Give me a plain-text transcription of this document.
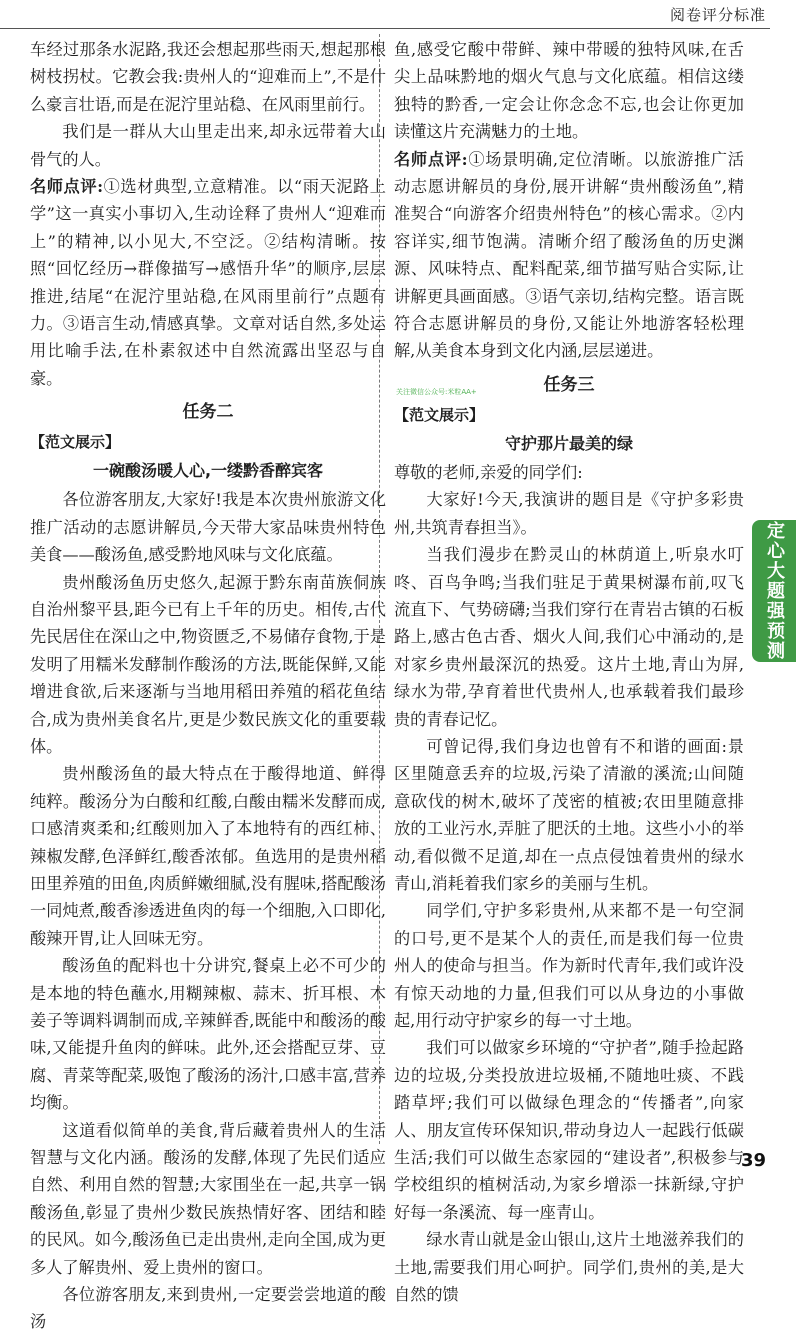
阅卷评分标准

车经过那条水泥路,我还会想起那些雨天,想起那根树枝拐杖。它教会我:贵州人的“迎难而上”,不是什么豪言壮语,而是在泥泞里站稳、在风雨里前行。

我们是一群从大山里走出来,却永远带着大山骨气的人。

名师点评:①选材典型,立意精准。以“雨天泥路上学”这一真实小事切入,生动诠释了贵州人“迎难而上”的精神,以小见大,不空泛。②结构清晰。按照“回忆经历→群像描写→感悟升华”的顺序,层层推进,结尾“在泥泞里站稳,在风雨里前行”点题有力。③语言生动,情感真挚。文章对话自然,多处运用比喻手法,在朴素叙述中自然流露出坚忍与自豪。

任务二
【范文展示】
一碗酸汤暖人心,一缕黔香醉宾客

各位游客朋友,大家好!我是本次贵州旅游文化推广活动的志愿讲解员,今天带大家品味贵州特色美食——酸汤鱼,感受黔地风味与文化底蕴。

贵州酸汤鱼历史悠久,起源于黔东南苗族侗族自治州黎平县,距今已有上千年的历史。相传,古代先民居住在深山之中,物资匮乏,不易储存食物,于是发明了用糯米发酵制作酸汤的方法,既能保鲜,又能增进食欲,后来逐渐与当地用稻田养殖的稻花鱼结合,成为贵州美食名片,更是少数民族文化的重要载体。

贵州酸汤鱼的最大特点在于酸得地道、鲜得纯粹。酸汤分为白酸和红酸,白酸由糯米发酵而成,口感清爽柔和;红酸则加入了本地特有的西红柿、辣椒发酵,色泽鲜红,酸香浓郁。鱼选用的是贵州稻田里养殖的田鱼,肉质鲜嫩细腻,没有腥味,搭配酸汤一同炖煮,酸香渗透进鱼肉的每一个细胞,入口即化,酸辣开胃,让人回味无穷。

酸汤鱼的配料也十分讲究,餐桌上必不可少的是本地的特色蘸水,用糊辣椒、蒜末、折耳根、木姜子等调料调制而成,辛辣鲜香,既能中和酸汤的酸味,又能提升鱼肉的鲜味。此外,还会搭配豆芽、豆腐、青菜等配菜,吸饱了酸汤的汤汁,口感丰富,营养均衡。

这道看似简单的美食,背后藏着贵州人的生活智慧与文化内涵。酸汤的发酵,体现了先民们适应自然、利用自然的智慧;大家围坐在一起,共享一锅酸汤鱼,彰显了贵州少数民族热情好客、团结和睦的民风。如今,酸汤鱼已走出贵州,走向全国,成为更多人了解贵州、爱上贵州的窗口。

各位游客朋友,来到贵州,一定要尝尝地道的酸汤

鱼,感受它酸中带鲜、辣中带暖的独特风味,在舌尖上品味黔地的烟火气息与文化底蕴。相信这缕独特的黔香,一定会让你念念不忘,也会让你更加读懂这片充满魅力的土地。

名师点评:①场景明确,定位清晰。以旅游推广活动志愿讲解员的身份,展开讲解“贵州酸汤鱼”,精准契合“向游客介绍贵州特色”的核心需求。②内容详实,细节饱满。清晰介绍了酸汤鱼的历史渊源、风味特点、配料配菜,细节描写贴合实际,让讲解更具画面感。③语气亲切,结构完整。语言既符合志愿讲解员的身份,又能让外地游客轻松理解,从美食本身到文化内涵,层层递进。

任务三
【范文展示】
守护那片最美的绿

尊敬的老师,亲爱的同学们:

大家好!今天,我演讲的题目是《守护多彩贵州,共筑青春担当》。

当我们漫步在黔灵山的林荫道上,听泉水叮咚、百鸟争鸣;当我们驻足于黄果树瀑布前,叹飞流直下、气势磅礴;当我们穿行在青岩古镇的石板路上,感古色古香、烟火人间,我们心中涌动的,是对家乡贵州最深沉的热爱。这片土地,青山为屏,绿水为带,孕育着世代贵州人,也承载着我们最珍贵的青春记忆。

可曾记得,我们身边也曾有不和谐的画面:景区里随意丢弃的垃圾,污染了清澈的溪流;山间随意砍伐的树木,破坏了茂密的植被;农田里随意排放的工业污水,弄脏了肥沃的土地。这些小小的举动,看似微不足道,却在一点点侵蚀着贵州的绿水青山,消耗着我们家乡的美丽与生机。

同学们,守护多彩贵州,从来都不是一句空洞的口号,更不是某个人的责任,而是我们每一位贵州人的使命与担当。作为新时代青年,我们或许没有惊天动地的力量,但我们可以从身边的小事做起,用行动守护家乡的每一寸土地。

我们可以做家乡环境的“守护者”,随手捡起路边的垃圾,分类投放进垃圾桶,不随地吐痰、不践踏草坪;我们可以做绿色理念的“传播者”,向家人、朋友宣传环保知识,带动身边人一起践行低碳生活;我们可以做生态家园的“建设者”,积极参与学校组织的植树活动,为家乡增添一抹新绿,守护好每一条溪流、每一座青山。

绿水青山就是金山银山,这片土地滋养我们的土地,需要我们用心呵护。同学们,贵州的美,是大自然的馈

关注微信公众号:米粒ΑΑ+
定心大题强预测
39
